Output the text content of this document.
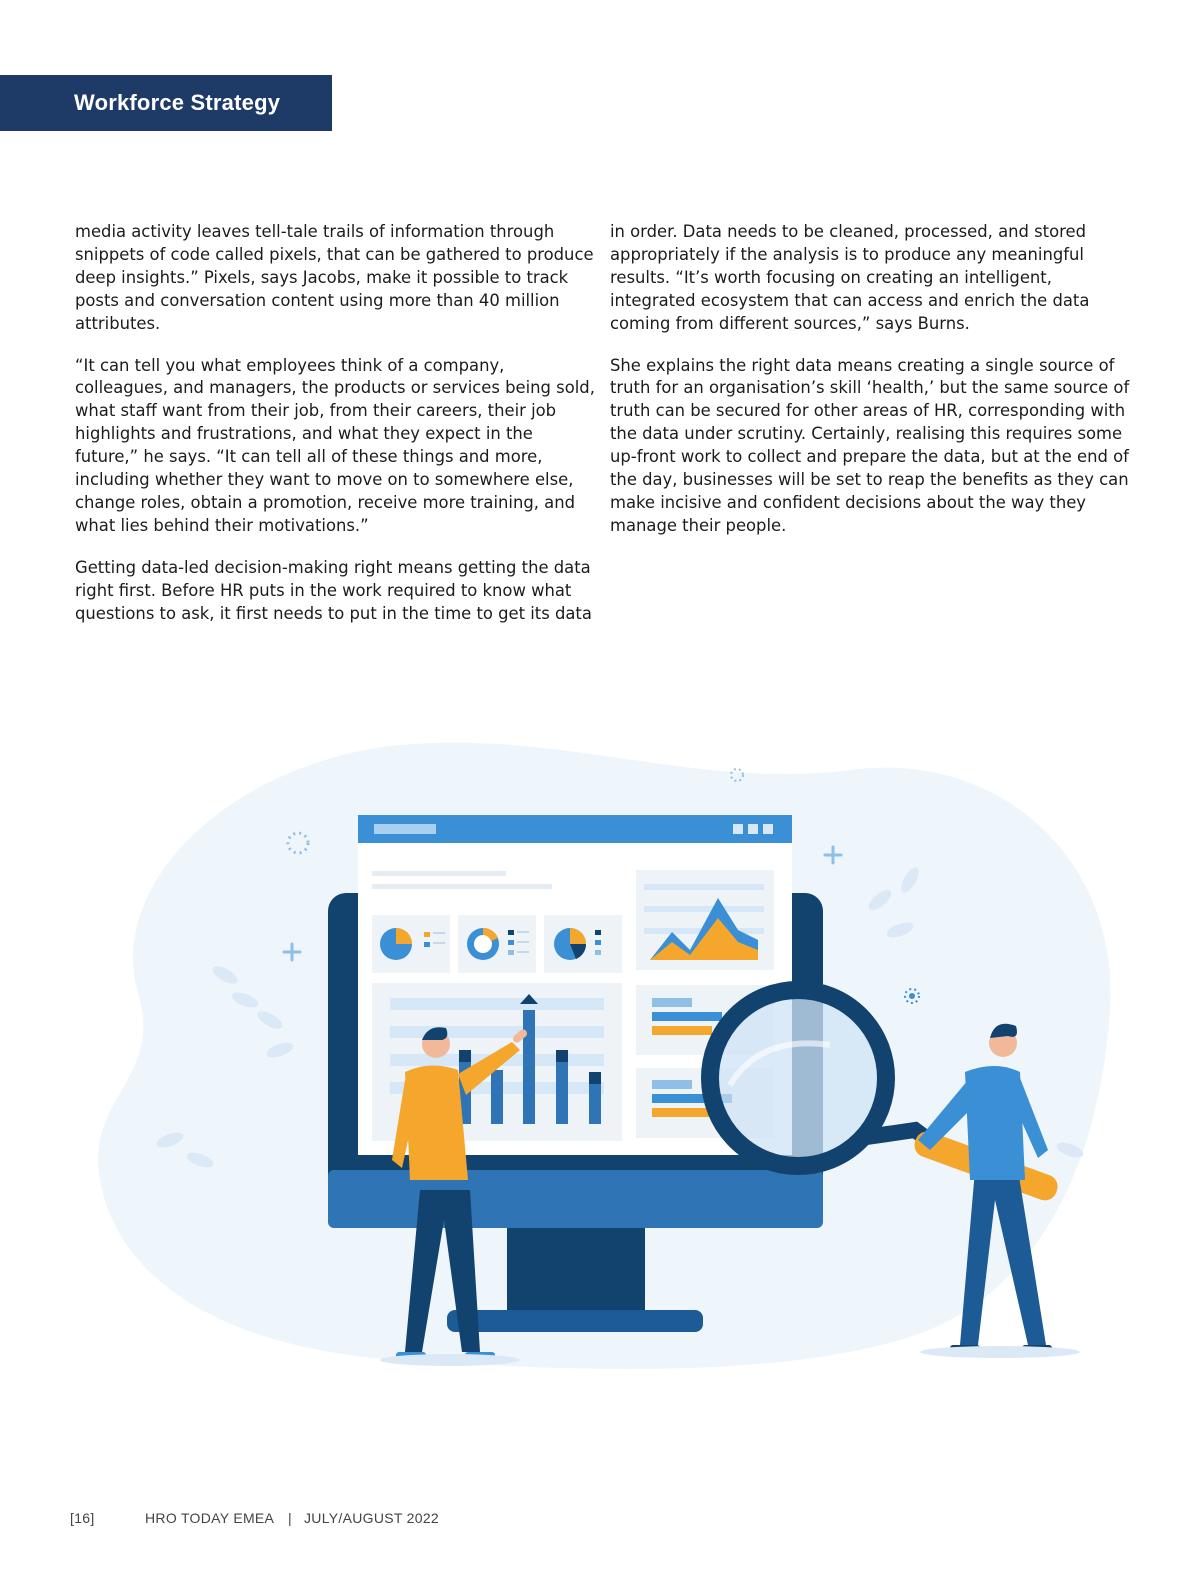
Workforce Strategy

media activity leaves tell-tale trails of information through snippets of code called pixels, that can be gathered to produce deep insights.” Pixels, says Jacobs, make it possible to track posts and conversation content using more than 40 million attributes.

“It can tell you what employees think of a company, colleagues, and managers, the products or services being sold, what staff want from their job, from their careers, their job highlights and frustrations, and what they expect in the future,” he says. “It can tell all of these things and more, including whether they want to move on to somewhere else, change roles, obtain a promotion, receive more training, and what lies behind their motivations.”

Getting data-led decision-making right means getting the data right first. Before HR puts in the work required to know what questions to ask, it first needs to put in the time to get its data

in order. Data needs to be cleaned, processed, and stored appropriately if the analysis is to produce any meaningful results. “It’s worth focusing on creating an intelligent, integrated ecosystem that can access and enrich the data coming from different sources,” says Burns.

She explains the right data means creating a single source of truth for an organisation’s skill ‘health,’ but the same source of truth can be secured for other areas of HR, corresponding with the data under scrutiny. Certainly, realising this requires some up-front work to collect and prepare the data, but at the end of the day, businesses will be set to reap the benefits as they can make incisive and confident decisions about the way they manage their people.

[16]	HRO TODAY EMEA | JULY/AUGUST 2022
